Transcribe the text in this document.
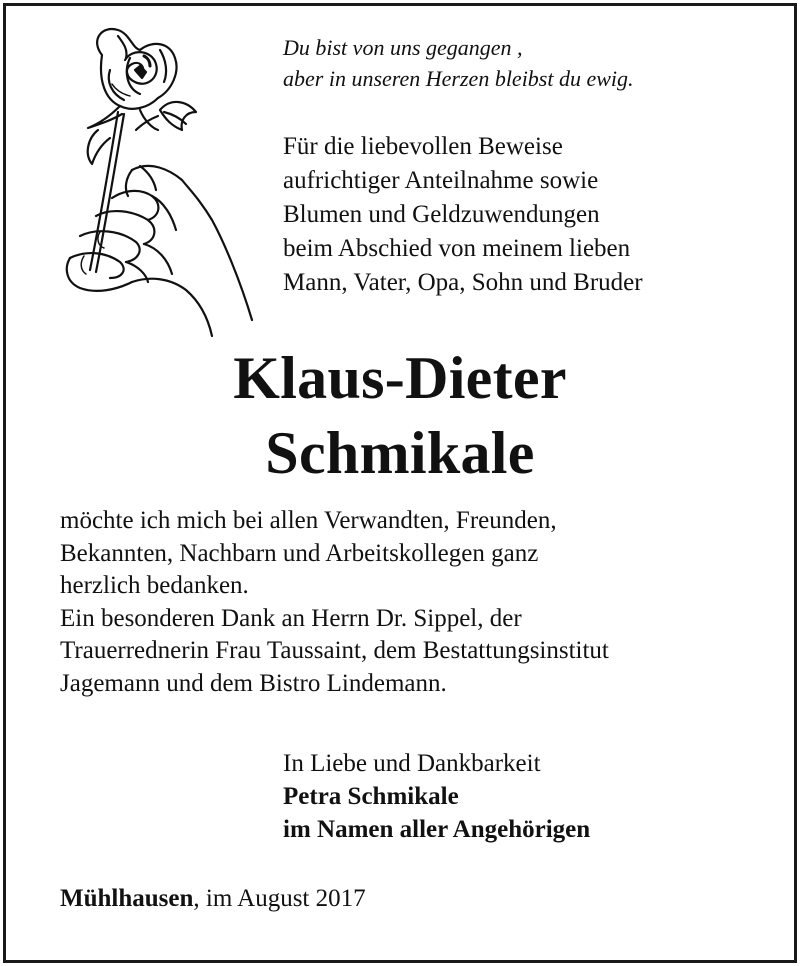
Du bist von uns gegangen ,
aber in unseren Herzen bleibst du ewig.

Für die liebevollen Beweise
aufrichtiger Anteilnahme sowie
Blumen und Geldzuwendungen
beim Abschied von meinem lieben
Mann, Vater, Opa, Sohn und Bruder

Klaus-Dieter
Schmikale

möchte ich mich bei allen Verwandten, Freunden,
Bekannten, Nachbarn und Arbeitskollegen ganz
herzlich bedanken.
Ein besonderen Dank an Herrn Dr. Sippel, der
Trauerrednerin Frau Taussaint, dem Bestattungsinstitut
Jagemann und dem Bistro Lindemann.

In Liebe und Dankbarkeit
Petra Schmikale
im Namen aller Angehörigen

Mühlhausen, im August 2017
